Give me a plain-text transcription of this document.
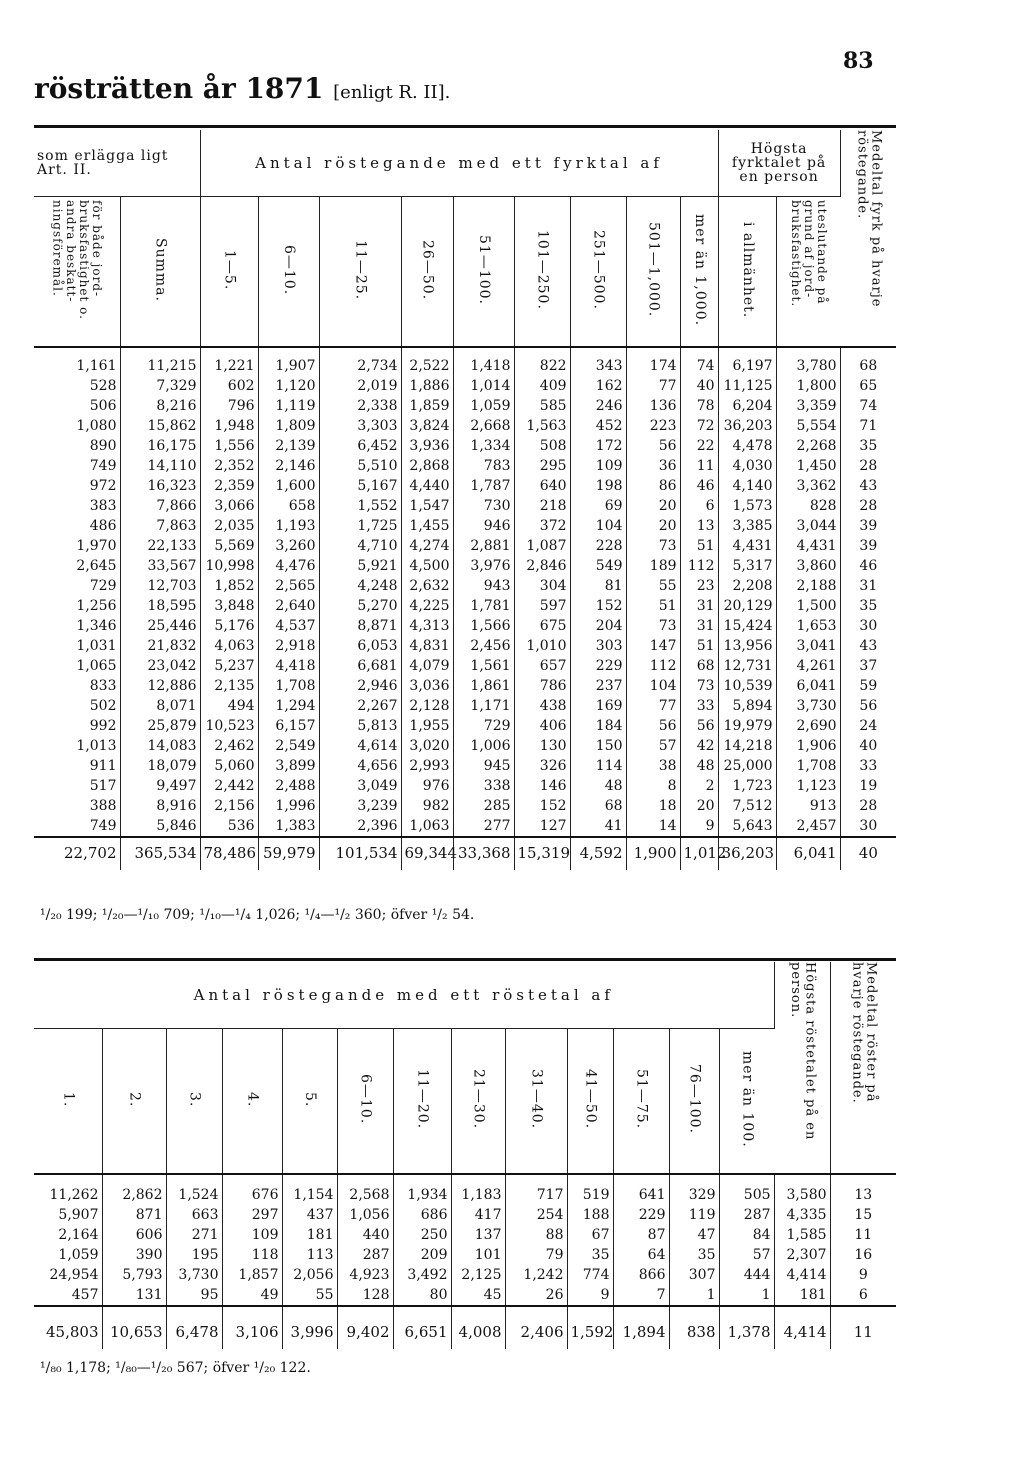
rösträtten år 1871 [enligt R. II].
83
som erlägga ligt Art. II.		Antal röstegande med ett fyrktal af									Högsta fyrktalet på en person		Medeltal fyrk på hvarje röstegande.
för både jord-bruksfastighet o. andra beskatt-ningsföremål.	Summa.	1—5.	6—10.	11—25.	26—50.	51—100.	101—250.	251—500.	501—1,000.	mer än 1,000.	i allmänhet.	uteslutande på grund af jord-bruksfastighet.	
1,161	11,215	1,221	1,907	2,734	2,522	1,418	822	343	174	74	6,197	3,780	68
528	7,329	602	1,120	2,019	1,886	1,014	409	162	77	40	11,125	1,800	65
506	8,216	796	1,119	2,338	1,859	1,059	585	246	136	78	6,204	3,359	74
1,080	15,862	1,948	1,809	3,303	3,824	2,668	1,563	452	223	72	36,203	5,554	71
890	16,175	1,556	2,139	6,452	3,936	1,334	508	172	56	22	4,478	2,268	35
749	14,110	2,352	2,146	5,510	2,868	783	295	109	36	11	4,030	1,450	28
972	16,323	2,359	1,600	5,167	4,440	1,787	640	198	86	46	4,140	3,362	43
383	7,866	3,066	658	1,552	1,547	730	218	69	20	6	1,573	828	28
486	7,863	2,035	1,193	1,725	1,455	946	372	104	20	13	3,385	3,044	39
1,970	22,133	5,569	3,260	4,710	4,274	2,881	1,087	228	73	51	4,431	4,431	39
2,645	33,567	10,998	4,476	5,921	4,500	3,976	2,846	549	189	112	5,317	3,860	46
729	12,703	1,852	2,565	4,248	2,632	943	304	81	55	23	2,208	2,188	31
1,256	18,595	3,848	2,640	5,270	4,225	1,781	597	152	51	31	20,129	1,500	35
1,346	25,446	5,176	4,537	8,871	4,313	1,566	675	204	73	31	15,424	1,653	30
1,031	21,832	4,063	2,918	6,053	4,831	2,456	1,010	303	147	51	13,956	3,041	43
1,065	23,042	5,237	4,418	6,681	4,079	1,561	657	229	112	68	12,731	4,261	37
833	12,886	2,135	1,708	2,946	3,036	1,861	786	237	104	73	10,539	6,041	59
502	8,071	494	1,294	2,267	2,128	1,171	438	169	77	33	5,894	3,730	56
992	25,879	10,523	6,157	5,813	1,955	729	406	184	56	56	19,979	2,690	24
1,013	14,083	2,462	2,549	4,614	3,020	1,006	130	150	57	42	14,218	1,906	40
911	18,079	5,060	3,899	4,656	2,993	945	326	114	38	48	25,000	1,708	33
517	9,497	2,442	2,488	3,049	976	338	146	48	8	2	1,723	1,123	19
388	8,916	2,156	1,996	3,239	982	285	152	68	18	20	7,512	913	28
749	5,846	536	1,383	2,396	1,063	277	127	41	14	9	5,643	2,457	30
22,702	365,534	78,486	59,979	101,534	69,344	33,368	15,319	4,592	1,900	1,012	36,203	6,041	40
¹/₂₀ 199; ¹/₂₀—¹/₁₀ 709; ¹/₁₀—¹/₄ 1,026; ¹/₄—¹/₂ 360; öfver ¹/₂ 54.
Antal röstegande med ett röstetal af													Högsta röstetalet på en person.	Medeltal röster på hvarje röstegande.
1.	2.	3.	4.	5.	6—10.	11—20.	21—30.	31—40.	41—50.	51—75.	76—100.	mer än 100.		
11,262	2,862	1,524	676	1,154	2,568	1,934	1,183	717	519	641	329	505	3,580	13
5,907	871	663	297	437	1,056	686	417	254	188	229	119	287	4,335	15
2,164	606	271	109	181	440	250	137	88	67	87	47	84	1,585	11
1,059	390	195	118	113	287	209	101	79	35	64	35	57	2,307	16
24,954	5,793	3,730	1,857	2,056	4,923	3,492	2,125	1,242	774	866	307	444	4,414	9
457	131	95	49	55	128	80	45	26	9	7	1	1	181	6
45,803	10,653	6,478	3,106	3,996	9,402	6,651	4,008	2,406	1,592	1,894	838	1,378	4,414	11
¹/₈₀ 1,178; ¹/₈₀—¹/₂₀ 567; öfver ¹/₂₀ 122.
